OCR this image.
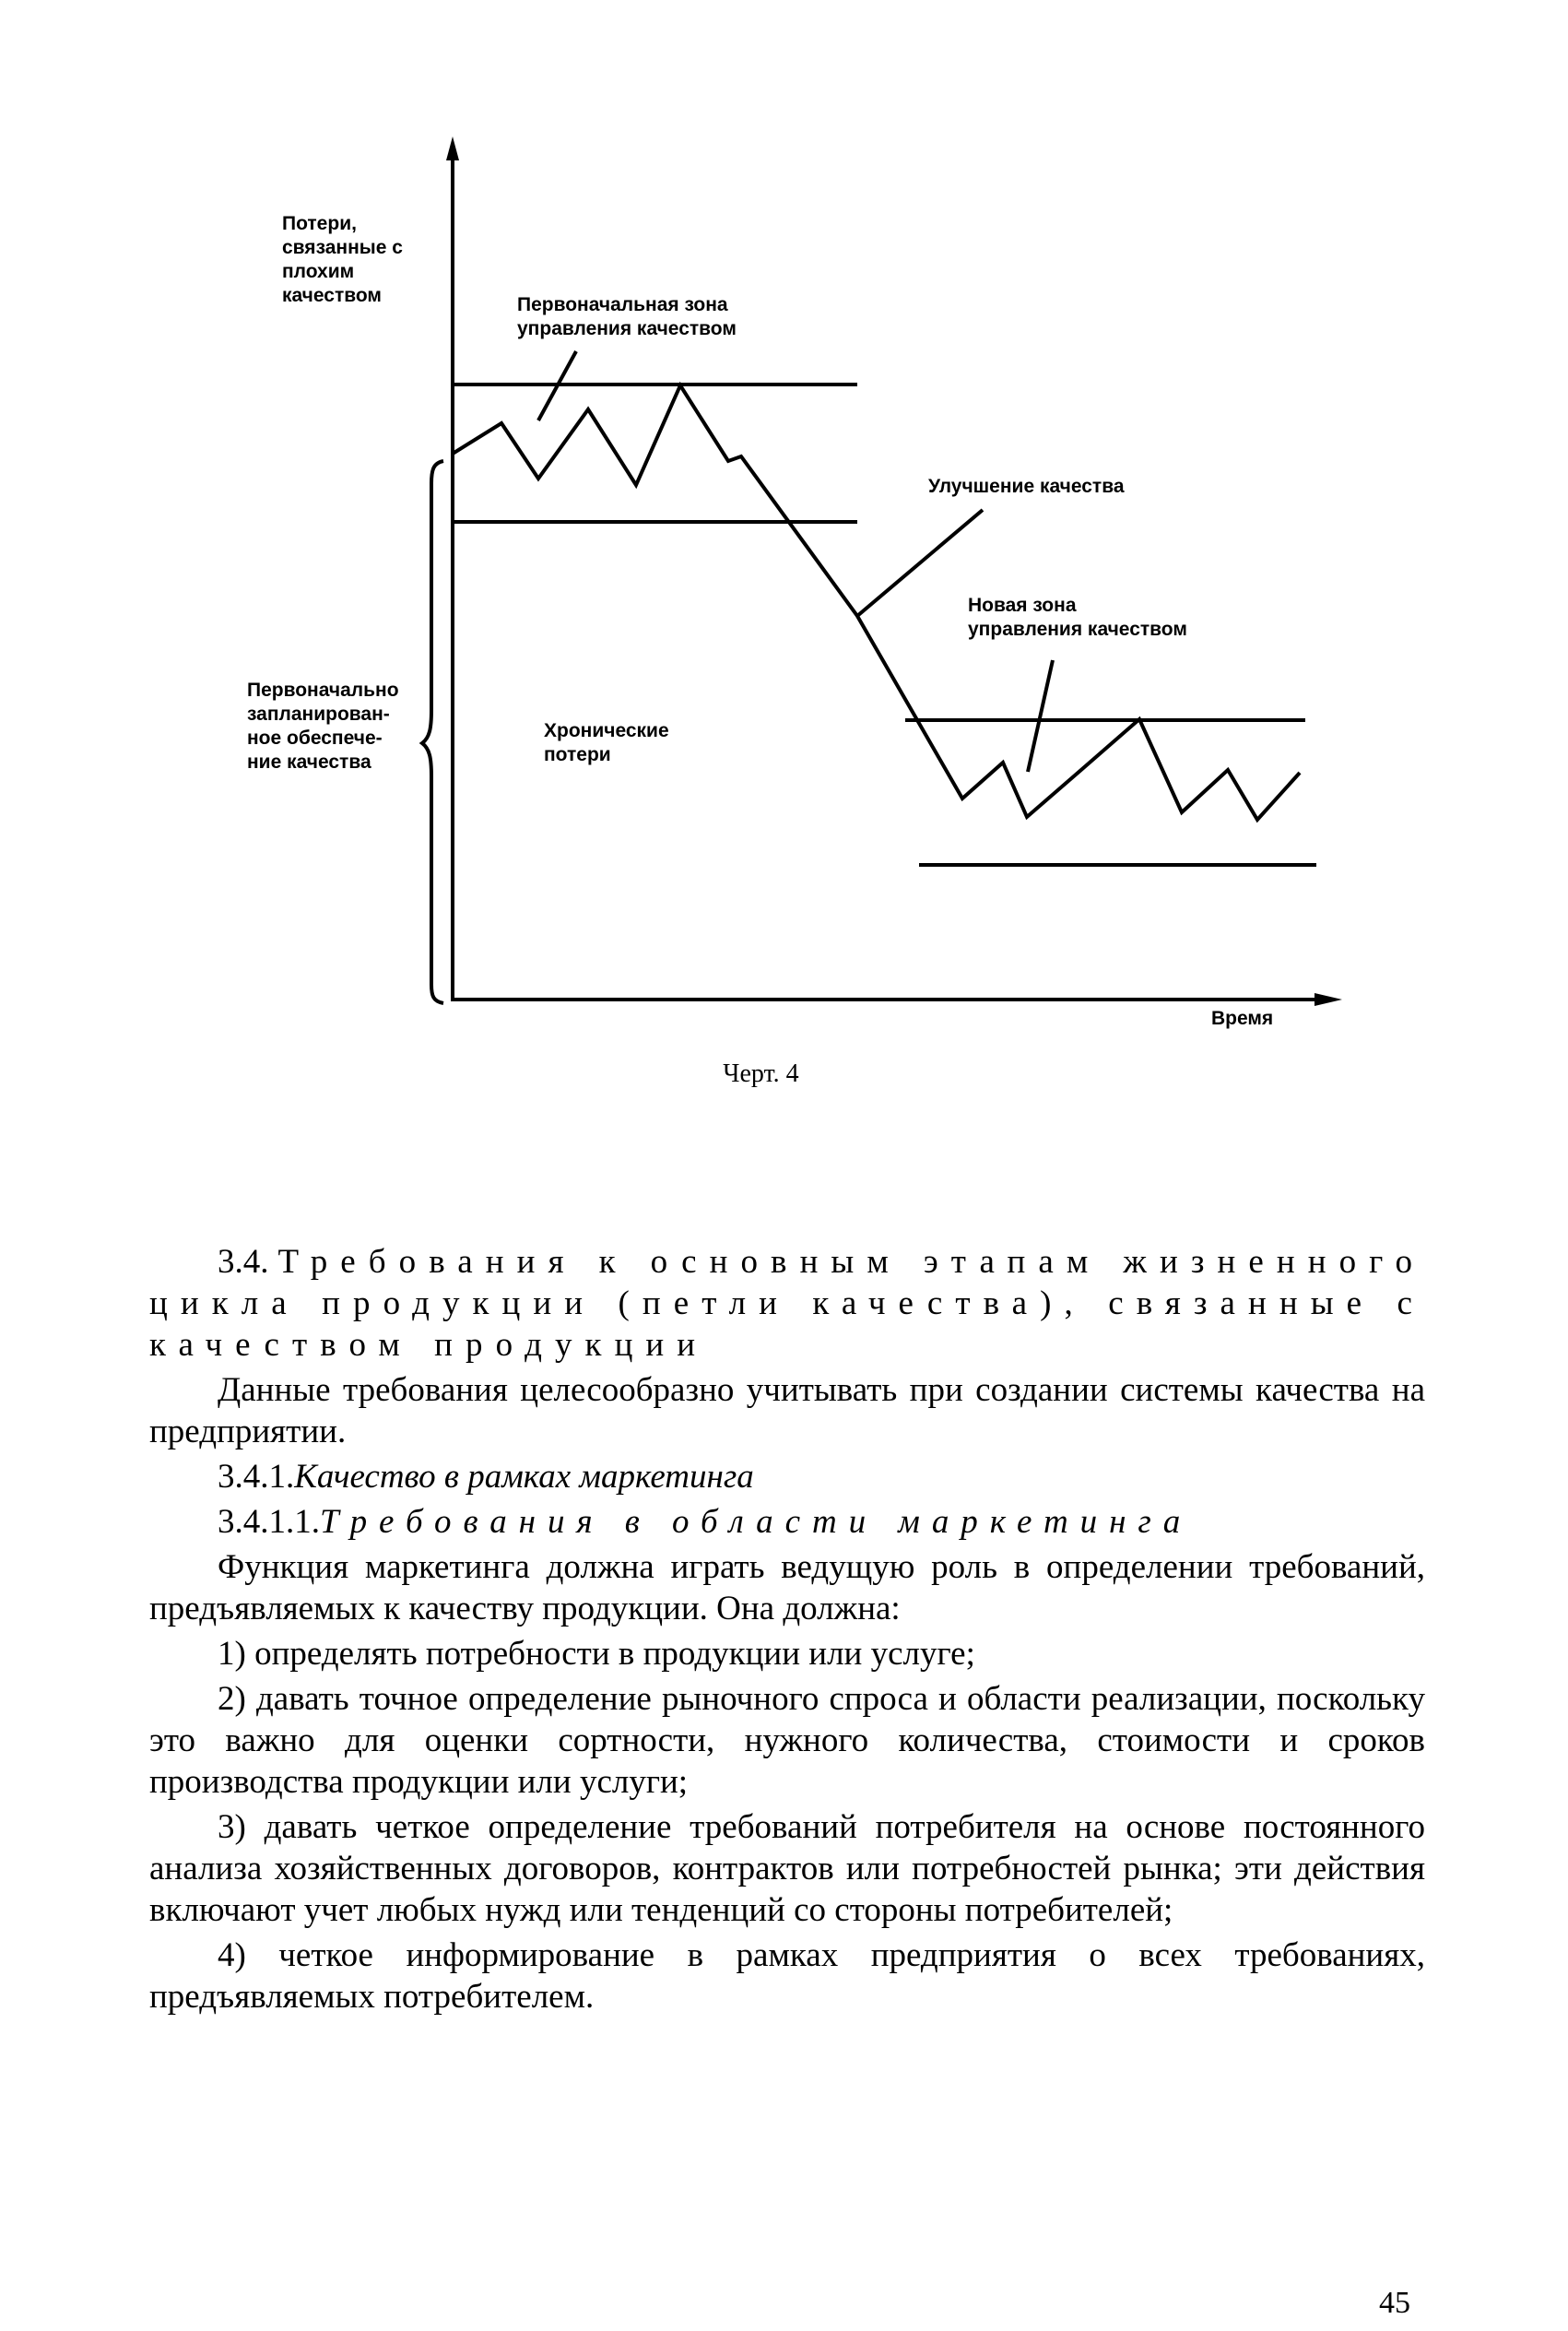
Потери,
связанные с
плохим
качеством	Первоначальная зона
управления качеством
Улучшение качества
Новая зона
управления качеством
Хронические
потери
Первоначально
запланирован-
ное обеспече-
ние качества
Время
Черт. 4

3.4. Требования к основным этапам жизненного цикла продукции (петли качества), связанные с качеством продукции

Данные требования целесообразно учитывать при создании системы качества на предприятии.

3.4.1.Качество в рамках маркетинга

3.4.1.1.Требования в области маркетинга

Функция маркетинга должна играть ведущую роль в определении требований, предъявляемых к качеству продукции. Она должна:

1) определять потребности в продукции или услуге;

2) давать точное определение рыночного спроса и области реализации, поскольку это важно для оценки сортности, нужного количества, стоимости и сроков производства продукции или услуги;

3) давать четкое определение требований потребителя на основе постоянного анализа хозяйственных договоров, контрактов или потребностей рынка; эти действия включают учет любых нужд или тенденций со стороны потребителей;

4) четкое информирование в рамках предприятия о всех требованиях, предъявляемых потребителем.

45
